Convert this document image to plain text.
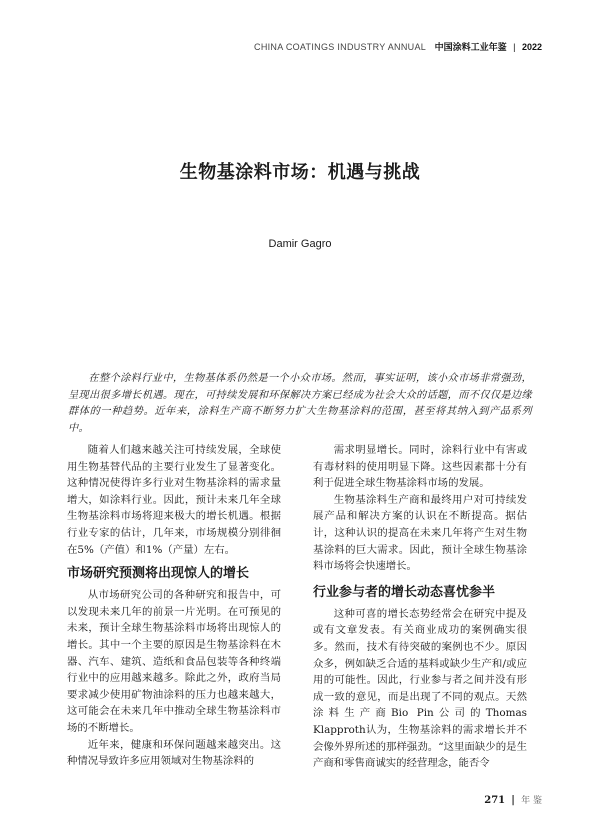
CHINA COATINGS INDUSTRY ANNUAL 中国涂料工业年鉴 | 2022
生物基涂料市场：机遇与挑战
Damir Gagro
在整个涂料行业中，生物基体系仍然是一个小众市场。然而，事实证明，该小众市场非常强劲，呈现出很多增长机遇。现在，可持续发展和环保解决方案已经成为社会大众的话题，而不仅仅是边缘群体的一种趋势。近年来，涂料生产商不断努力扩大生物基涂料的范围，甚至将其纳入到产品系列中。

随着人们越来越关注可持续发展，全球使用生物基替代品的主要行业发生了显著变化。这种情况使得许多行业对生物基涂料的需求量增大，如涂料行业。因此，预计未来几年全球生物基涂料市场将迎来极大的增长机遇。根据行业专家的估计，几年来，市场规模分别徘徊在5%（产值）和1%（产量）左右。

市场研究预测将出现惊人的增长

从市场研究公司的各种研究和报告中，可以发现未来几年的前景一片光明。在可预见的未来，预计全球生物基涂料市场将出现惊人的增长。其中一个主要的原因是生物基涂料在木器、汽车、建筑、造纸和食品包装等各种终端行业中的应用越来越多。除此之外，政府当局要求减少使用矿物油涂料的压力也越来越大，这可能会在未来几年中推动全球生物基涂料市场的不断增长。

近年来，健康和环保问题越来越突出。这种情况导致许多应用领域对生物基涂料的

需求明显增长。同时，涂料行业中有害或有毒材料的使用明显下降。这些因素都十分有利于促进全球生物基涂料市场的发展。

生物基涂料生产商和最终用户对可持续发展产品和解决方案的认识在不断提高。据估计，这种认识的提高在未来几年将产生对生物基涂料的巨大需求。因此，预计全球生物基涂料市场将会快速增长。

行业参与者的增长动态喜忧参半

这种可喜的增长态势经常会在研究中提及或有文章发表。有关商业成功的案例确实很多。然而，技术有待突破的案例也不少。原因众多，例如缺乏合适的基料或缺少生产和/或应用的可能性。因此，行业参与者之间并没有形成一致的意见，而是出现了不同的观点。天然涂料生产商Bio Pin公司的Thomas Klapproth认为，生物基涂料的需求增长并不会像外界所述的那样强劲。“这里面缺少的是生产商和零售商诚实的经营理念，能否令

271 | 年 鉴
